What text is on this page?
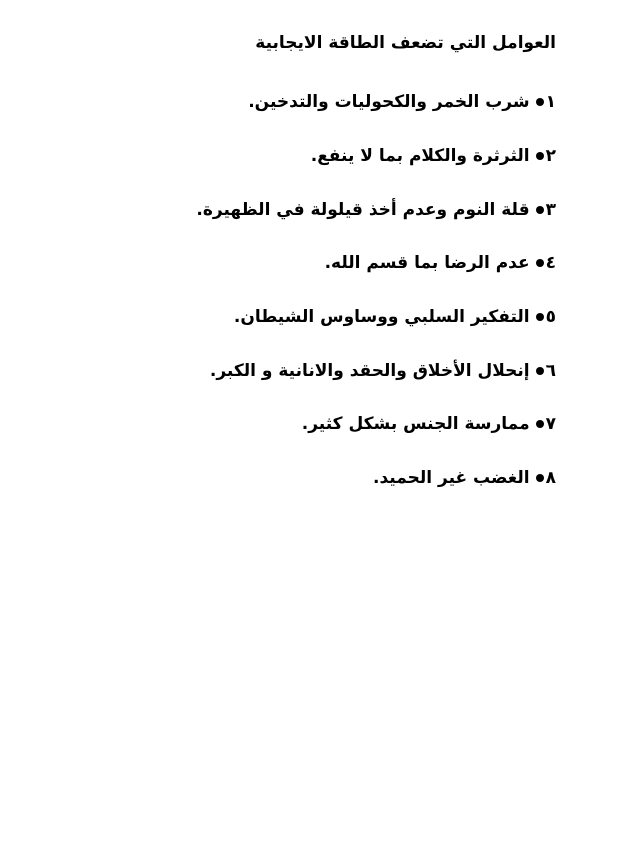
العوامل التي تضعف الطاقة الايجابية
١
شرب الخمر والكحوليات والتدخين.
٢
الثرثرة والكلام بما لا ينفع.
٣
قلة النوم وعدم أخذ قيلولة في الظهيرة.
٤
عدم الرضا بما قسم الله.
٥
التفكير السلبي ووساوس الشيطان.
٦
إنحلال الأخلاق والحقد والانانية و الكبر.
٧
ممارسة الجنس بشكل كثير.
٨
الغضب غير الحميد.
